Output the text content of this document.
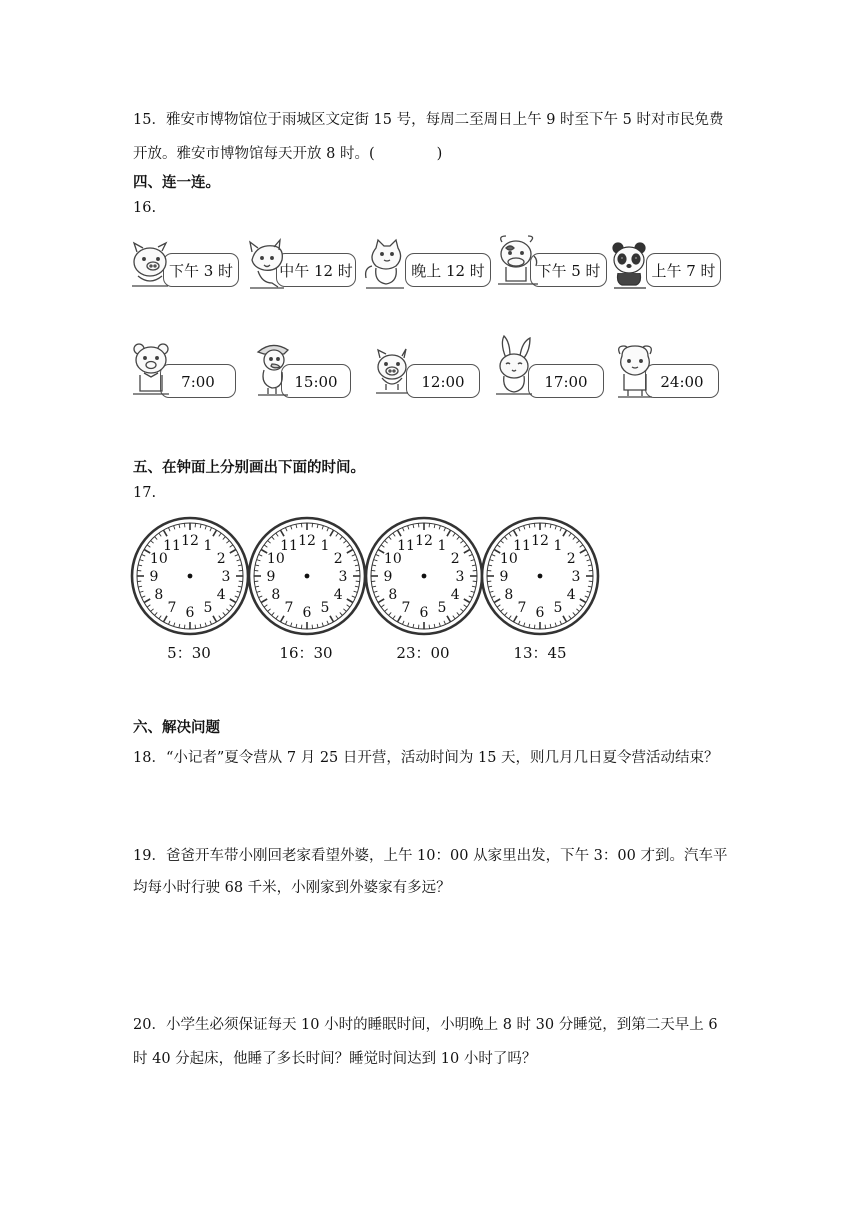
15．雅安市博物馆位于雨城区文定街 15 号，每周二至周日上午 9 时至下午 5 时对市民免费
开放。雅安市博物馆每天开放 8 时。(	)
四、连一连。
16.
下午 3 时	中午 12 时	晚上 12 时	下午 5 时	上午 7 时
7:00	15:00	12:00	17:00	24:00
五、在钟面上分别画出下面的时间。
17.
12 1
2
3
4
5
6
7
8
9
10
11	12 1
2
3
4
5
6
7
8
9
10
11	12 1
2
3
4
5
6
7
8
9
10
11	12 1
2
3
4
5
6
7
8
9
10
11
5：30	16：30	23：00	13：45
六、解决问题
18．“小记者”夏令营从 7 月 25 日开营，活动时间为 15 天，则几月几日夏令营活动结束？
19．爸爸开车带小刚回老家看望外婆，上午 10：00 从家里出发，下午 3：00 才到。汽车平
均每小时行驶 68 千米，小刚家到外婆家有多远？
20．小学生必须保证每天 10 小时的睡眠时间，小明晚上 8 时 30 分睡觉，到第二天早上 6
时 40 分起床，他睡了多长时间？睡觉时间达到 10 小时了吗？
